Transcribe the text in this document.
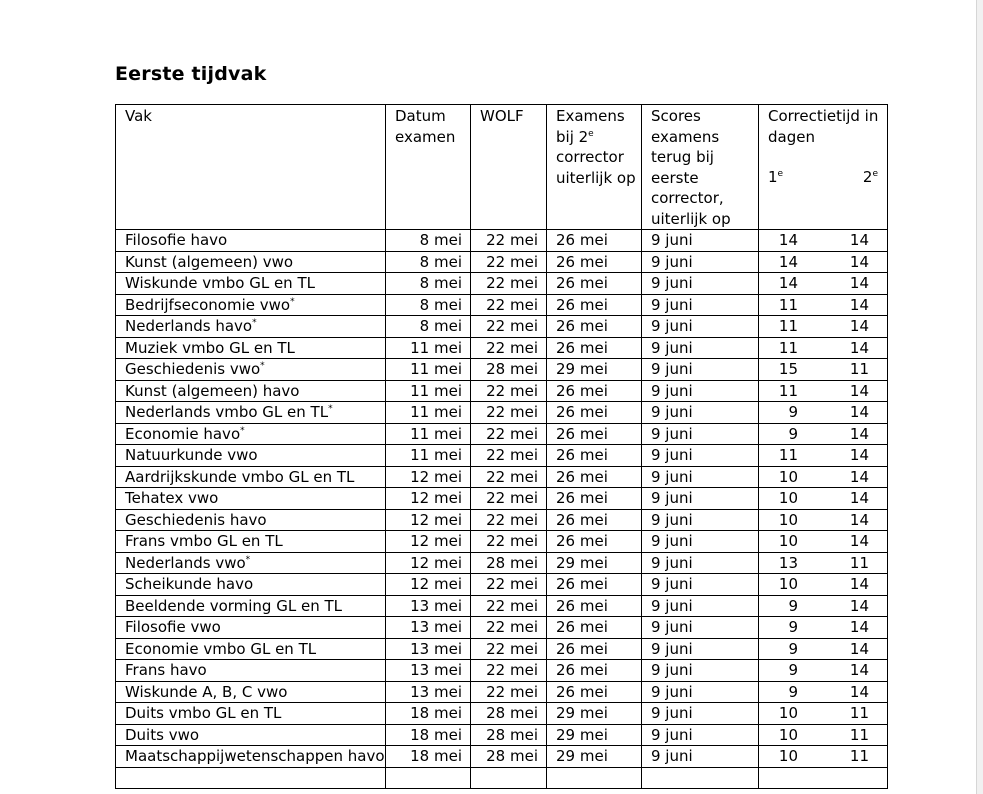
Eerste tijdvak
Vak	Datum examen	WOLF	Examens bij 2e corrector uiterlijk op	Scores examens terug bij eerste corrector, uiterlijk op	Correctietijd in dagen
1e 2e

Filosofie havo	8 mei	22 mei	26 mei	9 juni	14 14

Kunst (algemeen) vwo	8 mei	22 mei	26 mei	9 juni	14 14

Wiskunde vmbo GL en TL	8 mei	22 mei	26 mei	9 juni	14 14

Bedrijfseconomie vwo*	8 mei	22 mei	26 mei	9 juni	11 14

Nederlands havo*	8 mei	22 mei	26 mei	9 juni	11 14

Muziek vmbo GL en TL	11 mei	22 mei	26 mei	9 juni	11 14

Geschiedenis vwo*	11 mei	28 mei	29 mei	9 juni	15 11

Kunst (algemeen) havo	11 mei	22 mei	26 mei	9 juni	11 14

Nederlands vmbo GL en TL*	11 mei	22 mei	26 mei	9 juni	9 14

Economie havo*	11 mei	22 mei	26 mei	9 juni	9 14

Natuurkunde vwo	11 mei	22 mei	26 mei	9 juni	11 14

Aardrijkskunde vmbo GL en TL	12 mei	22 mei	26 mei	9 juni	10 14

Tehatex vwo	12 mei	22 mei	26 mei	9 juni	10 14

Geschiedenis havo	12 mei	22 mei	26 mei	9 juni	10 14

Frans vmbo GL en TL	12 mei	22 mei	26 mei	9 juni	10 14

Nederlands vwo*	12 mei	28 mei	29 mei	9 juni	13 11

Scheikunde havo	12 mei	22 mei	26 mei	9 juni	10 14

Beeldende vorming GL en TL	13 mei	22 mei	26 mei	9 juni	9 14

Filosofie vwo	13 mei	22 mei	26 mei	9 juni	9 14

Economie vmbo GL en TL	13 mei	22 mei	26 mei	9 juni	9 14

Frans havo	13 mei	22 mei	26 mei	9 juni	9 14

Wiskunde A, B, C vwo	13 mei	22 mei	26 mei	9 juni	9 14

Duits vmbo GL en TL	18 mei	28 mei	29 mei	9 juni	10 11

Duits vwo	18 mei	28 mei	29 mei	9 juni	10 11

Maatschappijwetenschappen havo	18 mei	28 mei	29 mei	9 juni	10 11
